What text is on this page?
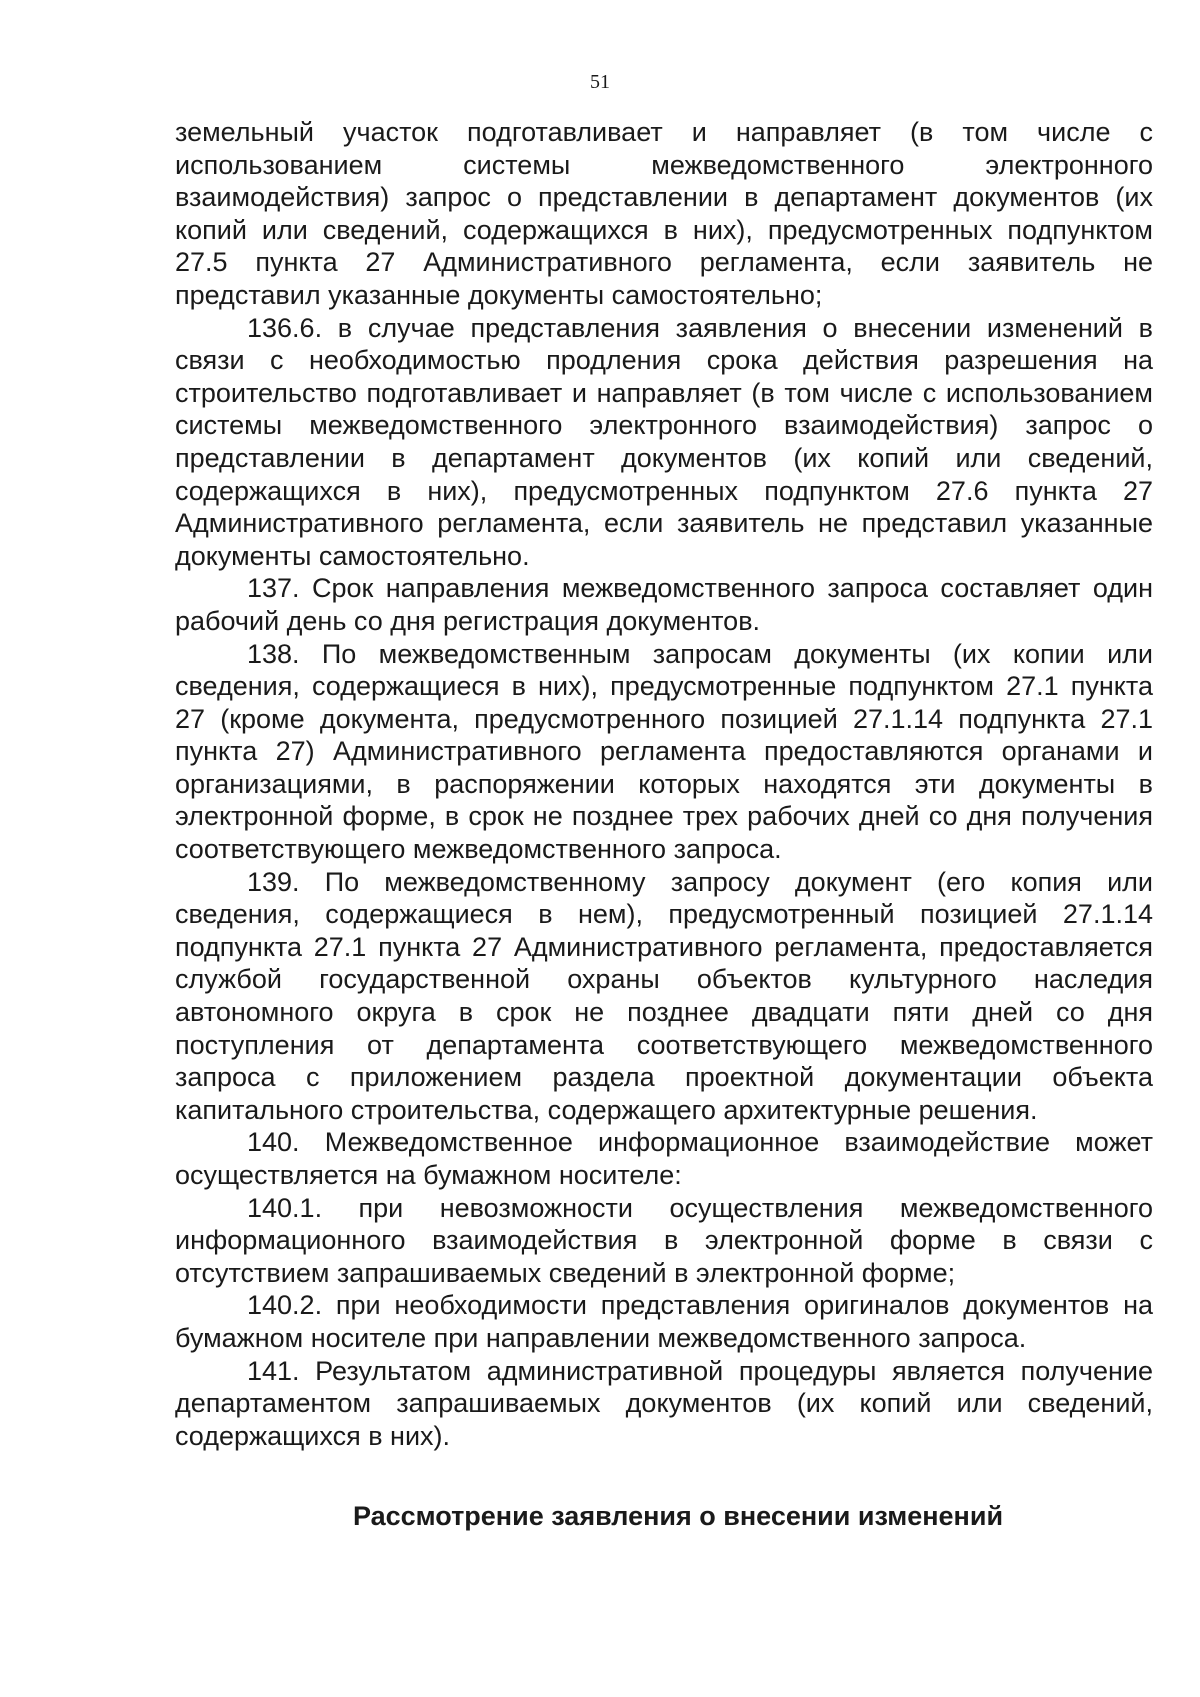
51

земельный участок подготавливает и направляет (в том числе с использованием системы межведомственного электронного взаимодействия) запрос о представлении в департамент документов (их копий или сведений, содержащихся в них), предусмотренных подпунктом 27.5 пункта 27 Административного регламента, если заявитель не представил указанные документы самостоятельно;

136.6. в случае представления заявления о внесении изменений в связи с необходимостью продления срока действия разрешения на строительство подготавливает и направляет (в том числе с использованием системы межведомственного электронного взаимодействия) запрос о представлении в департамент документов (их копий или сведений, содержащихся в них), предусмотренных подпунктом 27.6 пункта 27 Административного регламента, если заявитель не представил указанные документы самостоятельно.

137. Срок направления межведомственного запроса составляет один рабочий день со дня регистрация документов.

138. По межведомственным запросам документы (их копии или сведения, содержащиеся в них), предусмотренные подпунктом 27.1 пункта 27 (кроме документа, предусмотренного позицией 27.1.14 подпункта 27.1 пункта 27) Административного регламента предоставляются органами и организациями, в распоряжении которых находятся эти документы в электронной форме, в срок не позднее трех рабочих дней со дня получения соответствующего межведомственного запроса.

139. По межведомственному запросу документ (его копия или сведения, содержащиеся в нем), предусмотренный позицией 27.1.14 подпункта 27.1 пункта 27 Административного регламента, предоставляется службой государственной охраны объектов культурного наследия автономного округа в срок не позднее двадцати пяти дней со дня поступления от департамента соответствующего межведомственного запроса с приложением раздела проектной документации объекта капитального строительства, содержащего архитектурные решения.

140. Межведомственное информационное взаимодействие может осуществляется на бумажном носителе:

140.1. при невозможности осуществления межведомственного информационного взаимодействия в электронной форме в связи с отсутствием запрашиваемых сведений в электронной форме;

140.2. при необходимости представления оригиналов документов на бумажном носителе при направлении межведомственного запроса.

141. Результатом административной процедуры является получение департаментом запрашиваемых документов (их копий или сведений, содержащихся в них).

Рассмотрение заявления о внесении изменений
